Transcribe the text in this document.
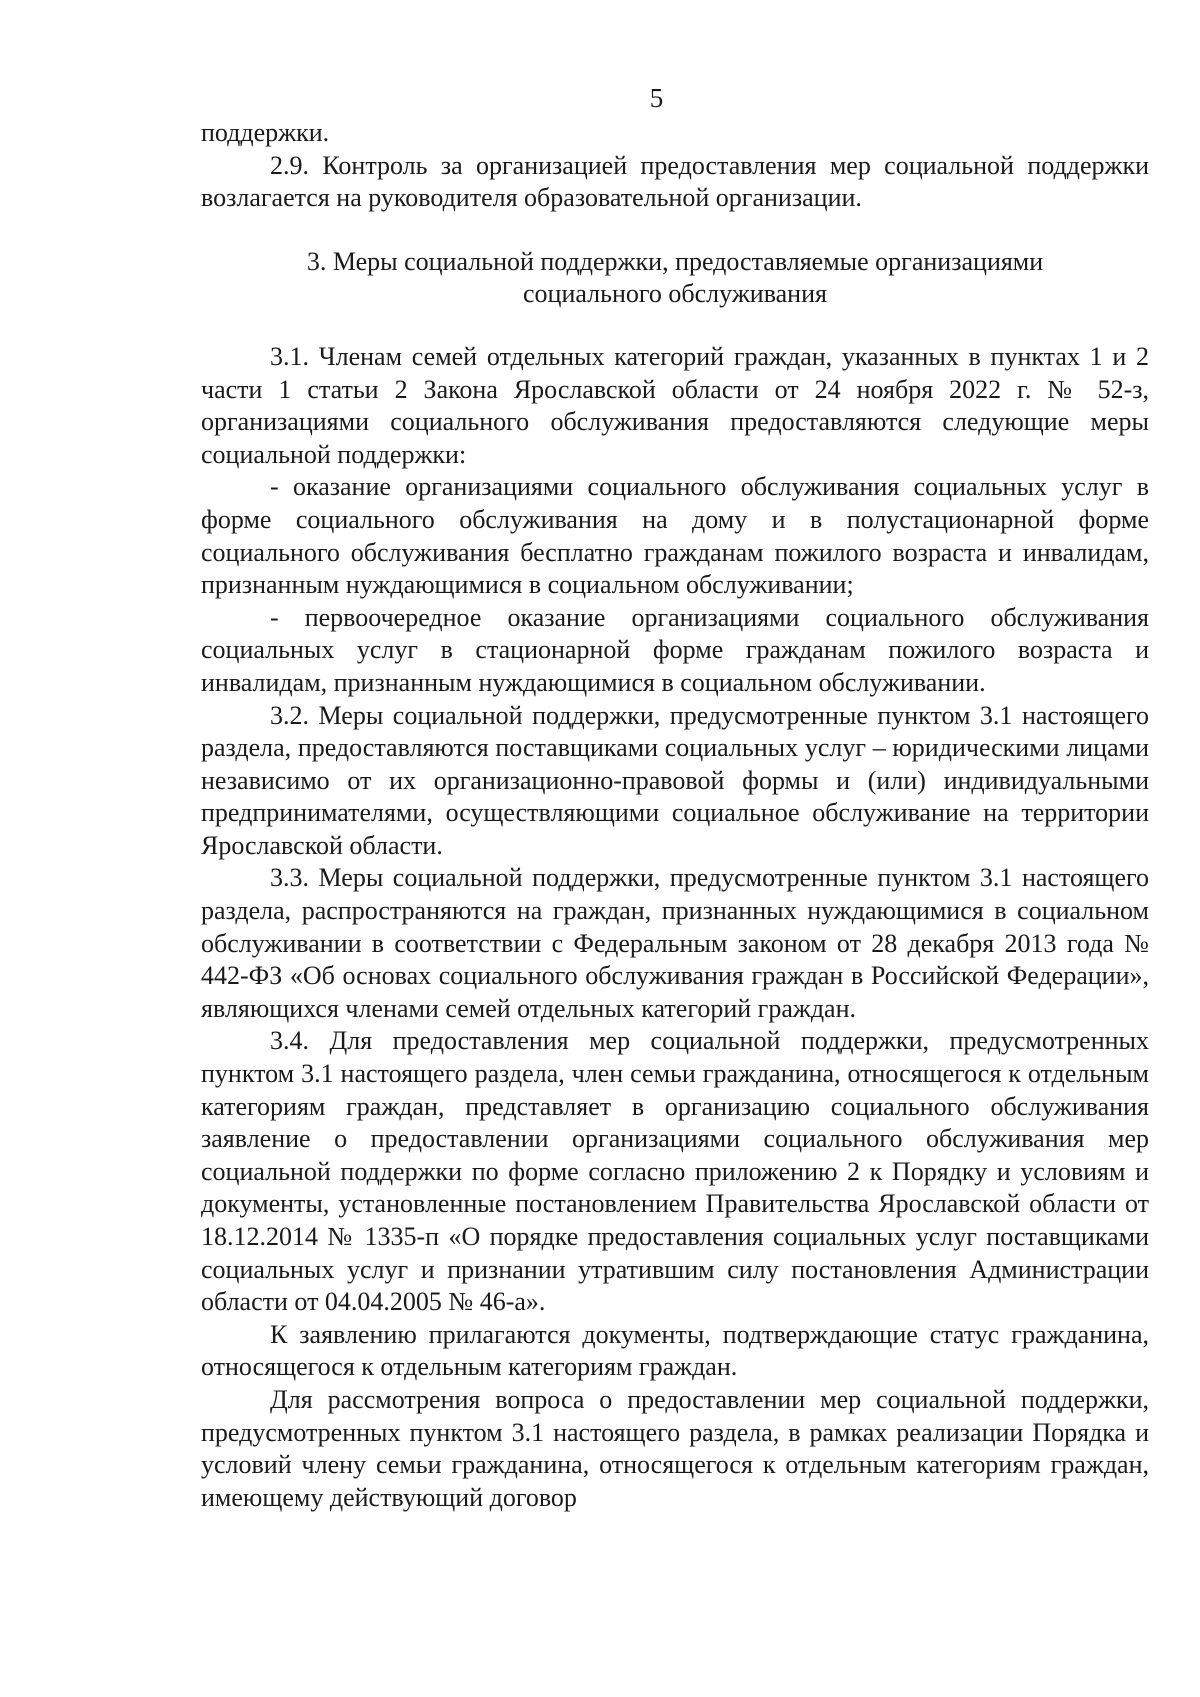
5

поддержки.

2.9. Контроль за организацией предоставления мер социальной поддержки возлагается на руководителя образовательной организации.

3. Меры социальной поддержки, предоставляемые организациями
социального обслуживания

3.1. Членам семей отдельных категорий граждан, указанных в пунктах 1 и 2 части 1 статьи 2 Закона Ярославской области от 24 ноября 2022 г. № 52-з, организациями социального обслуживания предоставляются следующие меры социальной поддержки:

- оказание организациями социального обслуживания социальных услуг в форме социального обслуживания на дому и в полустационарной форме социального обслуживания бесплатно гражданам пожилого возраста и инвалидам, признанным нуждающимися в социальном обслуживании;

- первоочередное оказание организациями социального обслуживания социальных услуг в стационарной форме гражданам пожилого возраста и инвалидам, признанным нуждающимися в социальном обслуживании.

3.2. Меры социальной поддержки, предусмотренные пунктом 3.1 настоящего раздела, предоставляются поставщиками социальных услуг – юридическими лицами независимо от их организационно-правовой формы и (или) индивидуальными предпринимателями, осуществляющими социальное обслуживание на территории Ярославской области.

3.3. Меры социальной поддержки, предусмотренные пунктом 3.1 настоящего раздела, распространяются на граждан, признанных нуждающимися в социальном обслуживании в соответствии с Федеральным законом от 28 декабря 2013 года № 442-ФЗ «Об основах социального обслуживания граждан в Российской Федерации», являющихся членами семей отдельных категорий граждан.

3.4. Для предоставления мер социальной поддержки, предусмотренных пунктом 3.1 настоящего раздела, член семьи гражданина, относящегося к отдельным категориям граждан, представляет в организацию социального обслуживания заявление о предоставлении организациями социального обслуживания мер социальной поддержки по форме согласно приложению 2 к Порядку и условиям и документы, установленные постановлением Правительства Ярославской области от 18.12.2014 № 1335-п «О порядке предоставления социальных услуг поставщиками социальных услуг и признании утратившим силу постановления Администрации области от 04.04.2005 № 46-а».

К заявлению прилагаются документы, подтверждающие статус гражданина, относящегося к отдельным категориям граждан.

Для рассмотрения вопроса о предоставлении мер социальной поддержки, предусмотренных пунктом 3.1 настоящего раздела, в рамках реализации Порядка и условий члену семьи гражданина, относящегося к отдельным категориям граждан, имеющему действующий договор
